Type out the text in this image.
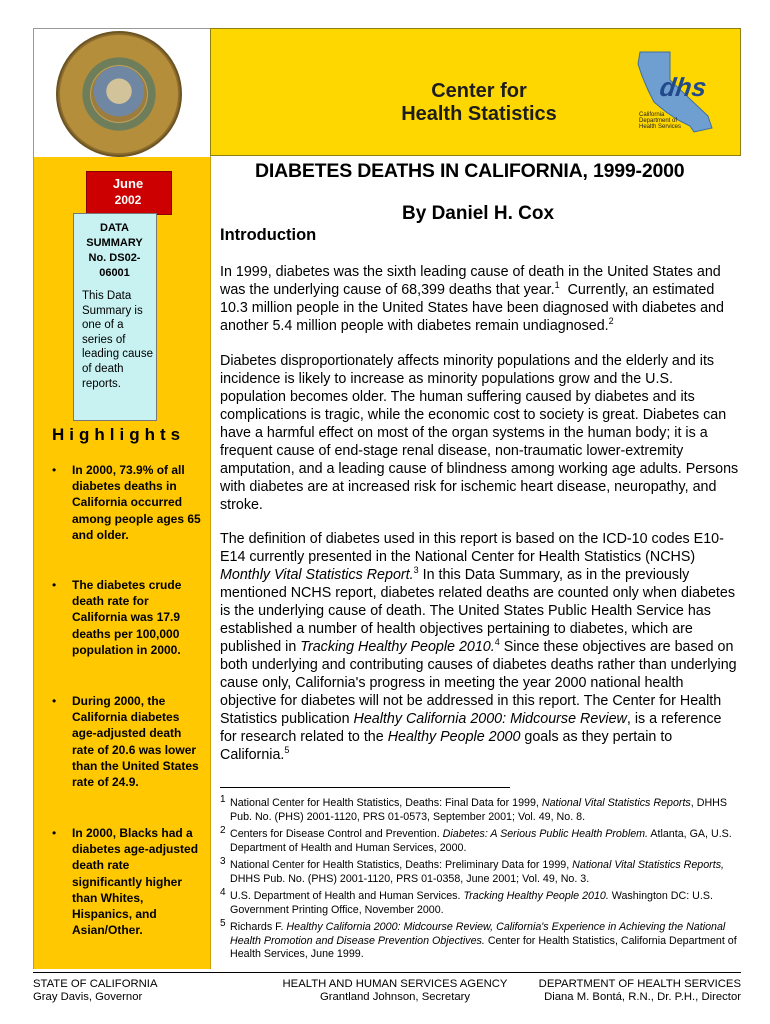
Center for
Health Statistics
dhs
California
Department of
Health Services
June
2002
DATA SUMMARY No. DS02-06001
This Data Summary is one of a series of leading cause of death reports.
Highlights
• In 2000, 73.9% of all diabetes deaths in California occurred among people ages 65 and older.
• The diabetes crude death rate for California was 17.9 deaths per 100,000 population in 2000.
• During 2000, the California diabetes age-adjusted death rate of 20.6 was lower than the United States rate of 24.9.
• In 2000, Blacks had a diabetes age-adjusted death rate significantly higher than Whites, Hispanics, and Asian/Other.
DIABETES DEATHS IN CALIFORNIA, 1999-2000
By Daniel H. Cox
Introduction
In 1999, diabetes was the sixth leading cause of death in the United States and was the underlying cause of 68,399 deaths that year.$^1$ Currently, an estimated 10.3 million people in the United States have been diagnosed with diabetes and another 5.4 million people with diabetes remain undiagnosed.$^2$
Diabetes disproportionately affects minority populations and the elderly and its incidence is likely to increase as minority populations grow and the U.S. population becomes older. The human suffering caused by diabetes and its complications is tragic, while the economic cost to society is great. Diabetes can have a harmful effect on most of the organ systems in the human body; it is a frequent cause of end-stage renal disease, non-traumatic lower-extremity amputation, and a leading cause of blindness among working age adults. Persons with diabetes are at increased risk for ischemic heart disease, neuropathy, and stroke.
The definition of diabetes used in this report is based on the ICD-10 codes E10-E14 currently presented in the National Center for Health Statistics (NCHS) Monthly Vital Statistics Report.$^3$ In this Data Summary, as in the previously mentioned NCHS report, diabetes related deaths are counted only when diabetes is the underlying cause of death. The United States Public Health Service has established a number of health objectives pertaining to diabetes, which are published in Tracking Healthy People 2010.$^4$ Since these objectives are based on both underlying and contributing causes of diabetes deaths rather than underlying cause only, California's progress in meeting the year 2000 national health objective for diabetes will not be addressed in this report. The Center for Health Statistics publication Healthy California 2000: Midcourse Review, is a reference for research related to the Healthy People 2000 goals as they pertain to California.$^5$
1 National Center for Health Statistics, Deaths: Final Data for 1999, National Vital Statistics Reports, DHHS Pub. No. (PHS) 2001-1120, PRS 01-0573, September 2001; Vol. 49, No. 8.
2 Centers for Disease Control and Prevention. Diabetes: A Serious Public Health Problem. Atlanta, GA, U.S. Department of Health and Human Services, 2000.
3 National Center for Health Statistics, Deaths: Preliminary Data for 1999, National Vital Statistics Reports, DHHS Pub. No. (PHS) 2001-1120, PRS 01-0358, June 2001; Vol. 49, No. 3.
4 U.S. Department of Health and Human Services. Tracking Healthy People 2010. Washington DC: U.S. Government Printing Office, November 2000.
5 Richards F. Healthy California 2000: Midcourse Review, California's Experience in Achieving the National Health Promotion and Disease Prevention Objectives. Center for Health Statistics, California Department of Health Services, June 1999.
STATE OF CALIFORNIA
Gray Davis, Governor
HEALTH AND HUMAN SERVICES AGENCY
Grantland Johnson, Secretary
DEPARTMENT OF HEALTH SERVICES
Diana M. Bontá, R.N., Dr. P.H., Director
